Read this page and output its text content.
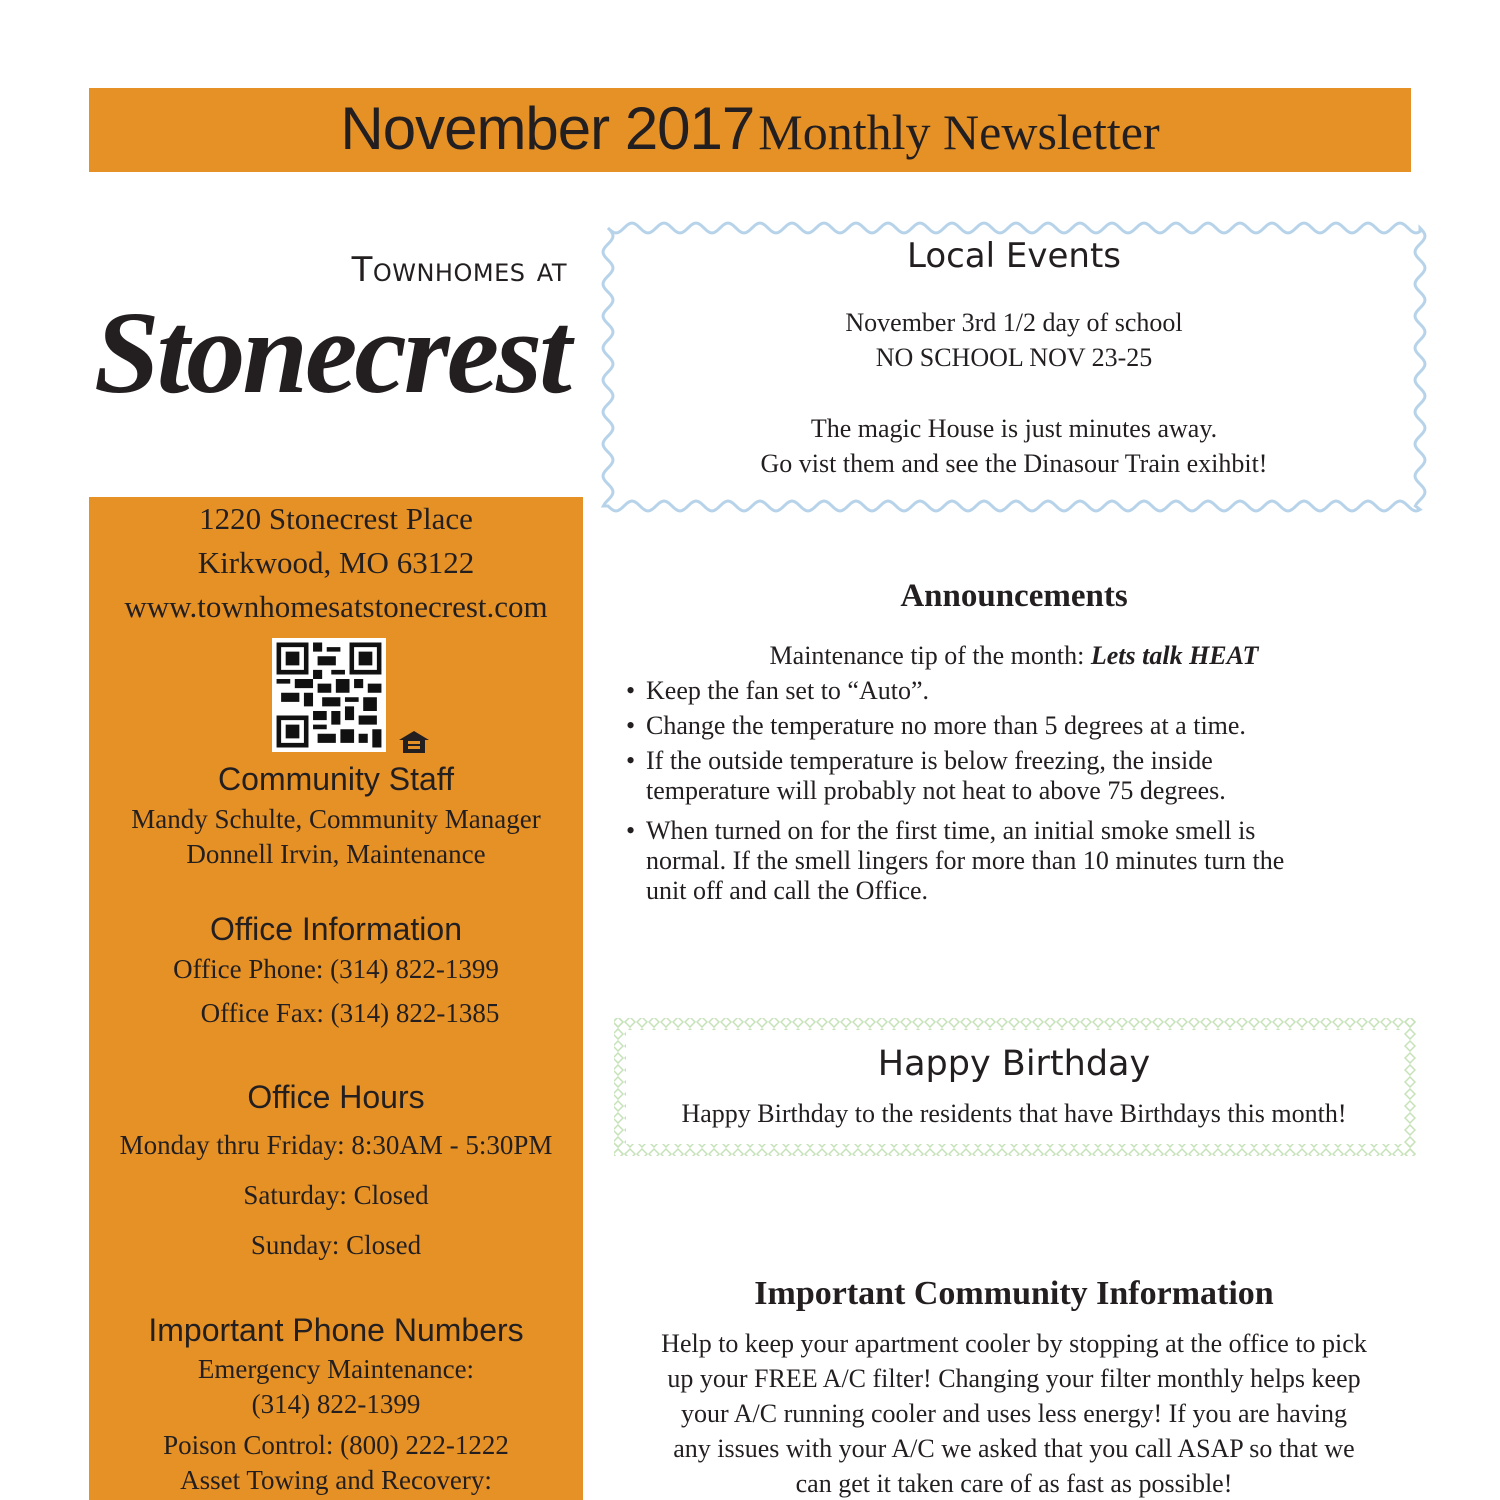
November 2017 Monthly Newsletter
Townhomes at
Stonecrest
Local Events
November 3rd 1/2 day of school
NO SCHOOL NOV 23-25
The magic House is just minutes away.
Go vist them and see the Dinasour Train exihbit!
1220 Stonecrest Place
Kirkwood, MO 63122
www.townhomesatstonecrest.com
Community Staff
Mandy Schulte, Community Manager
Donnell Irvin, Maintenance
Office Information
Office Phone: (314) 822-1399
Office Fax: (314) 822-1385
Office Hours
Monday thru Friday: 8:30AM - 5:30PM
Saturday: Closed
Sunday: Closed
Important Phone Numbers
Emergency Maintenance:
(314) 822-1399
Poison Control: (800) 222-1222
Asset Towing and Recovery:
Announcements
Maintenance tip of the month: Lets talk HEAT
• Keep the fan set to “Auto”.
• Change the temperature no more than 5 degrees at a time.
• If the outside temperature is below freezing, the inside
temperature will probably not heat to above 75 degrees.
• When turned on for the first time, an initial smoke smell is
normal. If the smell lingers for more than 10 minutes turn the
unit off and call the Office.
Happy Birthday
Happy Birthday to the residents that have Birthdays this month!
Important Community Information
Help to keep your apartment cooler by stopping at the office to pick
up your FREE A/C filter! Changing your filter monthly helps keep
your A/C running cooler and uses less energy! If you are having
any issues with your A/C we asked that you call ASAP so that we
can get it taken care of as fast as possible!
